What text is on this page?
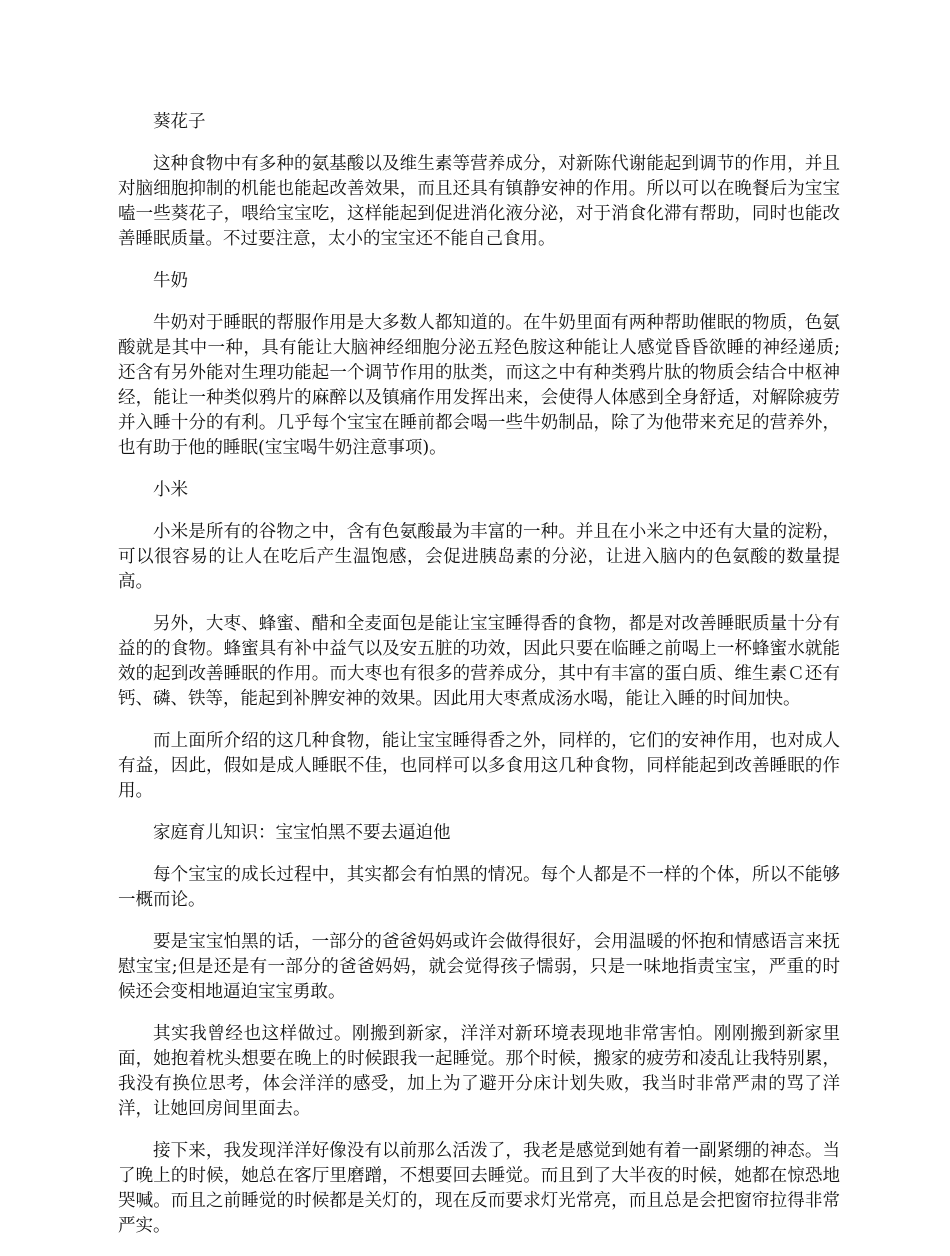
葵花子

这种食物中有多种的氨基酸以及维生素等营养成分，对新陈代谢能起到调节的作用，并且对脑细胞抑制的机能也能起改善效果，而且还具有镇静安神的作用。所以可以在晚餐后为宝宝嗑一些葵花子，喂给宝宝吃，这样能起到促进消化液分泌，对于消食化滞有帮助，同时也能改善睡眠质量。不过要注意，太小的宝宝还不能自己食用。

牛奶

牛奶对于睡眠的帮服作用是大多数人都知道的。在牛奶里面有两种帮助催眠的物质，色氨酸就是其中一种，具有能让大脑神经细胞分泌五羟色胺这种能让人感觉昏昏欲睡的神经递质;还含有另外能对生理功能起一个调节作用的肽类，而这之中有种类鸦片肽的物质会结合中枢神经，能让一种类似鸦片的麻醉以及镇痛作用发挥出来，会使得人体感到全身舒适，对解除疲劳并入睡十分的有利。几乎每个宝宝在睡前都会喝一些牛奶制品，除了为他带来充足的营养外，也有助于他的睡眠(宝宝喝牛奶注意事项)。

小米

小米是所有的谷物之中，含有色氨酸最为丰富的一种。并且在小米之中还有大量的淀粉，可以很容易的让人在吃后产生温饱感，会促进胰岛素的分泌，让进入脑内的色氨酸的数量提高。

另外，大枣、蜂蜜、醋和全麦面包是能让宝宝睡得香的食物，都是对改善睡眠质量十分有益的的食物。蜂蜜具有补中益气以及安五脏的功效，因此只要在临睡之前喝上一杯蜂蜜水就能效的起到改善睡眠的作用。而大枣也有很多的营养成分，其中有丰富的蛋白质、维生素Ｃ还有钙、磷、铁等，能起到补脾安神的效果。因此用大枣煮成汤水喝，能让入睡的时间加快。

而上面所介绍的这几种食物，能让宝宝睡得香之外，同样的，它们的安神作用，也对成人有益，因此，假如是成人睡眠不佳，也同样可以多食用这几种食物，同样能起到改善睡眠的作用。

家庭育儿知识：宝宝怕黑不要去逼迫他

每个宝宝的成长过程中，其实都会有怕黑的情况。每个人都是不一样的个体，所以不能够一概而论。

要是宝宝怕黑的话，一部分的爸爸妈妈或许会做得很好，会用温暖的怀抱和情感语言来抚慰宝宝;但是还是有一部分的爸爸妈妈，就会觉得孩子懦弱，只是一味地指责宝宝，严重的时候还会变相地逼迫宝宝勇敢。

其实我曾经也这样做过。刚搬到新家，洋洋对新环境表现地非常害怕。刚刚搬到新家里面，她抱着枕头想要在晚上的时候跟我一起睡觉。那个时候，搬家的疲劳和凌乱让我特别累，我没有换位思考，体会洋洋的感受，加上为了避开分床计划失败，我当时非常严肃的骂了洋洋，让她回房间里面去。

接下来，我发现洋洋好像没有以前那么活泼了，我老是感觉到她有着一副紧绷的神态。当了晚上的时候，她总在客厅里磨蹭，不想要回去睡觉。而且到了大半夜的时候，她都在惊恐地哭喊。而且之前睡觉的时候都是关灯的，现在反而要求灯光常亮，而且总是会把窗帘拉得非常严实。
